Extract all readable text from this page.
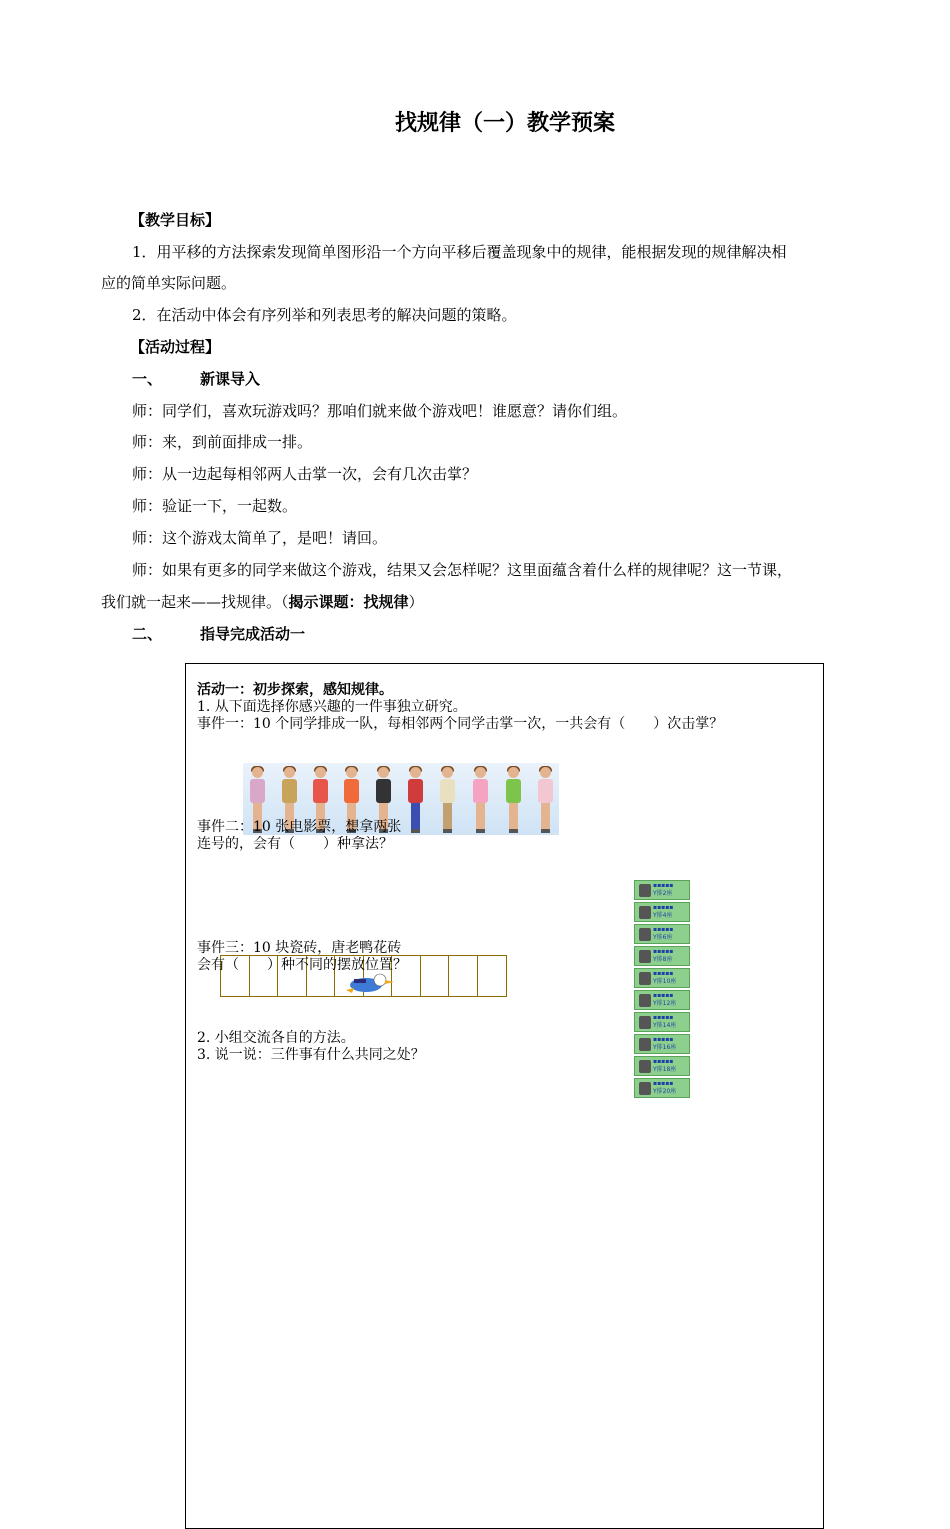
找规律（一）教学预案
【教学目标】
1．用平移的方法探索发现简单图形沿一个方向平移后覆盖现象中的规律，能根据发现的规律解决相
应的简单实际问题。
2．在活动中体会有序列举和列表思考的解决问题的策略。
【活动过程】
一、	新课导入
师：同学们，喜欢玩游戏吗？那咱们就来做个游戏吧！谁愿意？请你们组。
师：来，到前面排成一排。
师：从一边起每相邻两人击掌一次，会有几次击掌？
师：验证一下，一起数。
师：这个游戏太简单了，是吧！请回。
师：如果有更多的同学来做这个游戏，结果又会怎样呢？这里面蕴含着什么样的规律呢？这一节课，
我们就一起来——找规律。（揭示课题：找规律）
二、	指导完成活动一
活动一：初步探索，感知规律。
1. 从下面选择你感兴趣的一件事独立研究。
事件一：10 个同学排成一队，每相邻两个同学击掌一次，一共会有（　　）次击掌？
事件二：10 张电影票，想拿两张
连号的，会有（　　）种拿法？
▪▪▪▪▪
Y排2座
▪▪▪▪▪
Y排4座
▪▪▪▪▪
Y排6座
▪▪▪▪▪
Y排8座
▪▪▪▪▪
Y排10座
▪▪▪▪▪
Y排12座
▪▪▪▪▪
Y排14座
▪▪▪▪▪
Y排16座
▪▪▪▪▪
Y排18座
▪▪▪▪▪
Y排20座
事件三：10 块瓷砖，唐老鸭花砖
会有（　　）种不同的摆放位置？
2. 小组交流各自的方法。
3. 说一说：三件事有什么共同之处？
